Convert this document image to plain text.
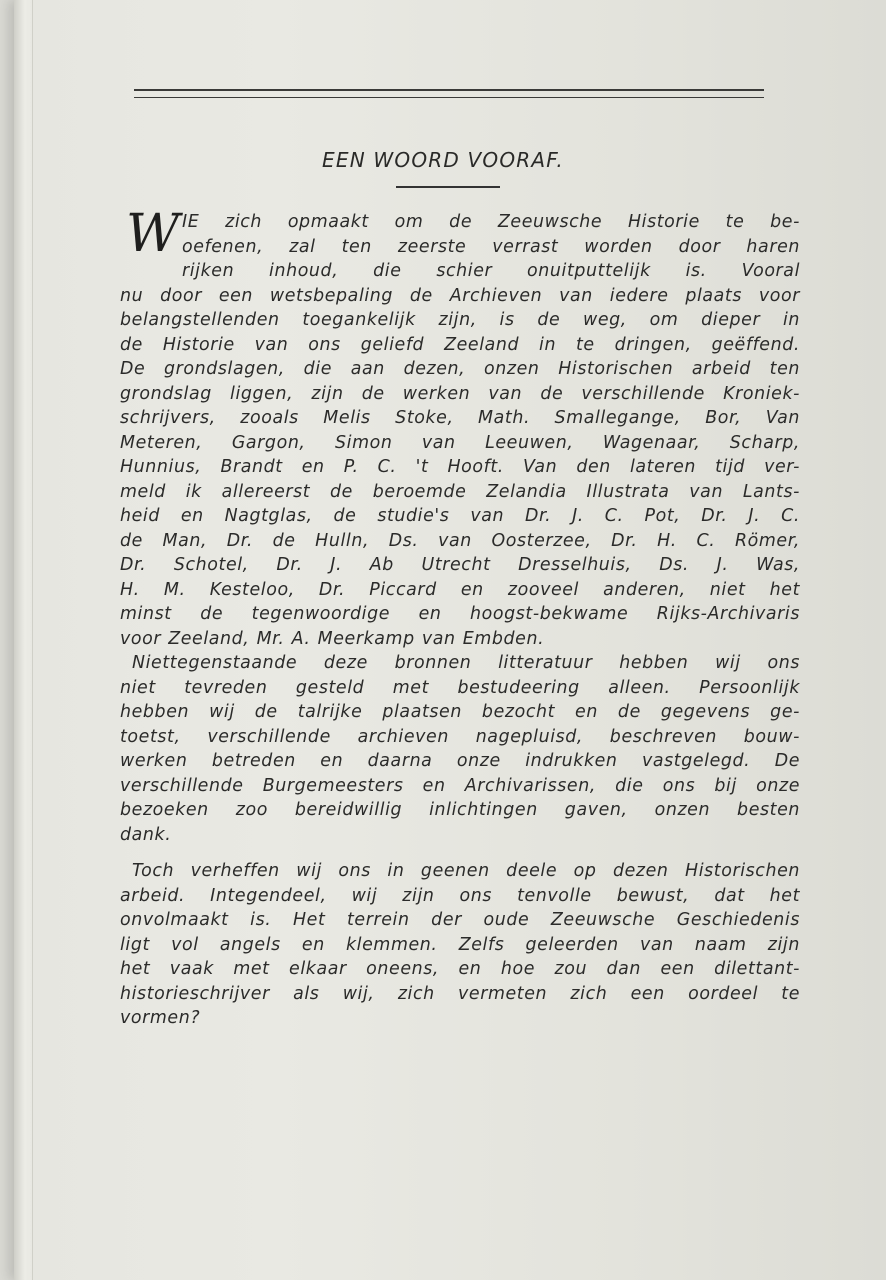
EEN WOORD VOORAF.
W IE zich opmaakt om de Zeeuwsche Historie te be-
oefenen, zal ten zeerste verrast worden door haren
rijken inhoud, die schier onuitputtelijk is. Vooral
nu door een wetsbepaling de Archieven van iedere plaats voor
belangstellenden toegankelijk zijn, is de weg, om dieper in
de Historie van ons geliefd Zeeland in te dringen, geëffend.
De grondslagen, die aan dezen, onzen Historischen arbeid ten
grondslag liggen, zijn de werken van de verschillende Kroniek-
schrijvers, zooals Melis Stoke, Math. Smallegange, Bor, Van
Meteren, Gargon, Simon van Leeuwen, Wagenaar, Scharp,
Hunnius, Brandt en P. C. 't Hooft. Van den lateren tijd ver-
meld ik allereerst de beroemde Zelandia Illustrata van Lants-
heid en Nagtglas, de studie's van Dr. J. C. Pot, Dr. J. C.
de Man, Dr. de Hulln, Ds. van Oosterzee, Dr. H. C. Römer,
Dr. Schotel, Dr. J. Ab Utrecht Dresselhuis, Ds. J. Was,
H. M. Kesteloo, Dr. Piccard en zooveel anderen, niet het
minst de tegenwoordige en hoogst-bekwame Rijks-Archivaris
voor Zeeland, Mr. A. Meerkamp van Embden.
Niettegenstaande deze bronnen litteratuur hebben wij ons
niet tevreden gesteld met bestudeering alleen. Persoonlijk
hebben wij de talrijke plaatsen bezocht en de gegevens ge-
toetst, verschillende archieven nagepluisd, beschreven bouw-
werken betreden en daarna onze indrukken vastgelegd. De
verschillende Burgemeesters en Archivarissen, die ons bij onze
bezoeken zoo bereidwillig inlichtingen gaven, onzen besten
dank.
Toch verheffen wij ons in geenen deele op dezen Historischen
arbeid. Integendeel, wij zijn ons tenvolle bewust, dat het
onvolmaakt is. Het terrein der oude Zeeuwsche Geschiedenis
ligt vol angels en klemmen. Zelfs geleerden van naam zijn
het vaak met elkaar oneens, en hoe zou dan een dilettant-
historieschrijver als wij, zich vermeten zich een oordeel te
vormen?
